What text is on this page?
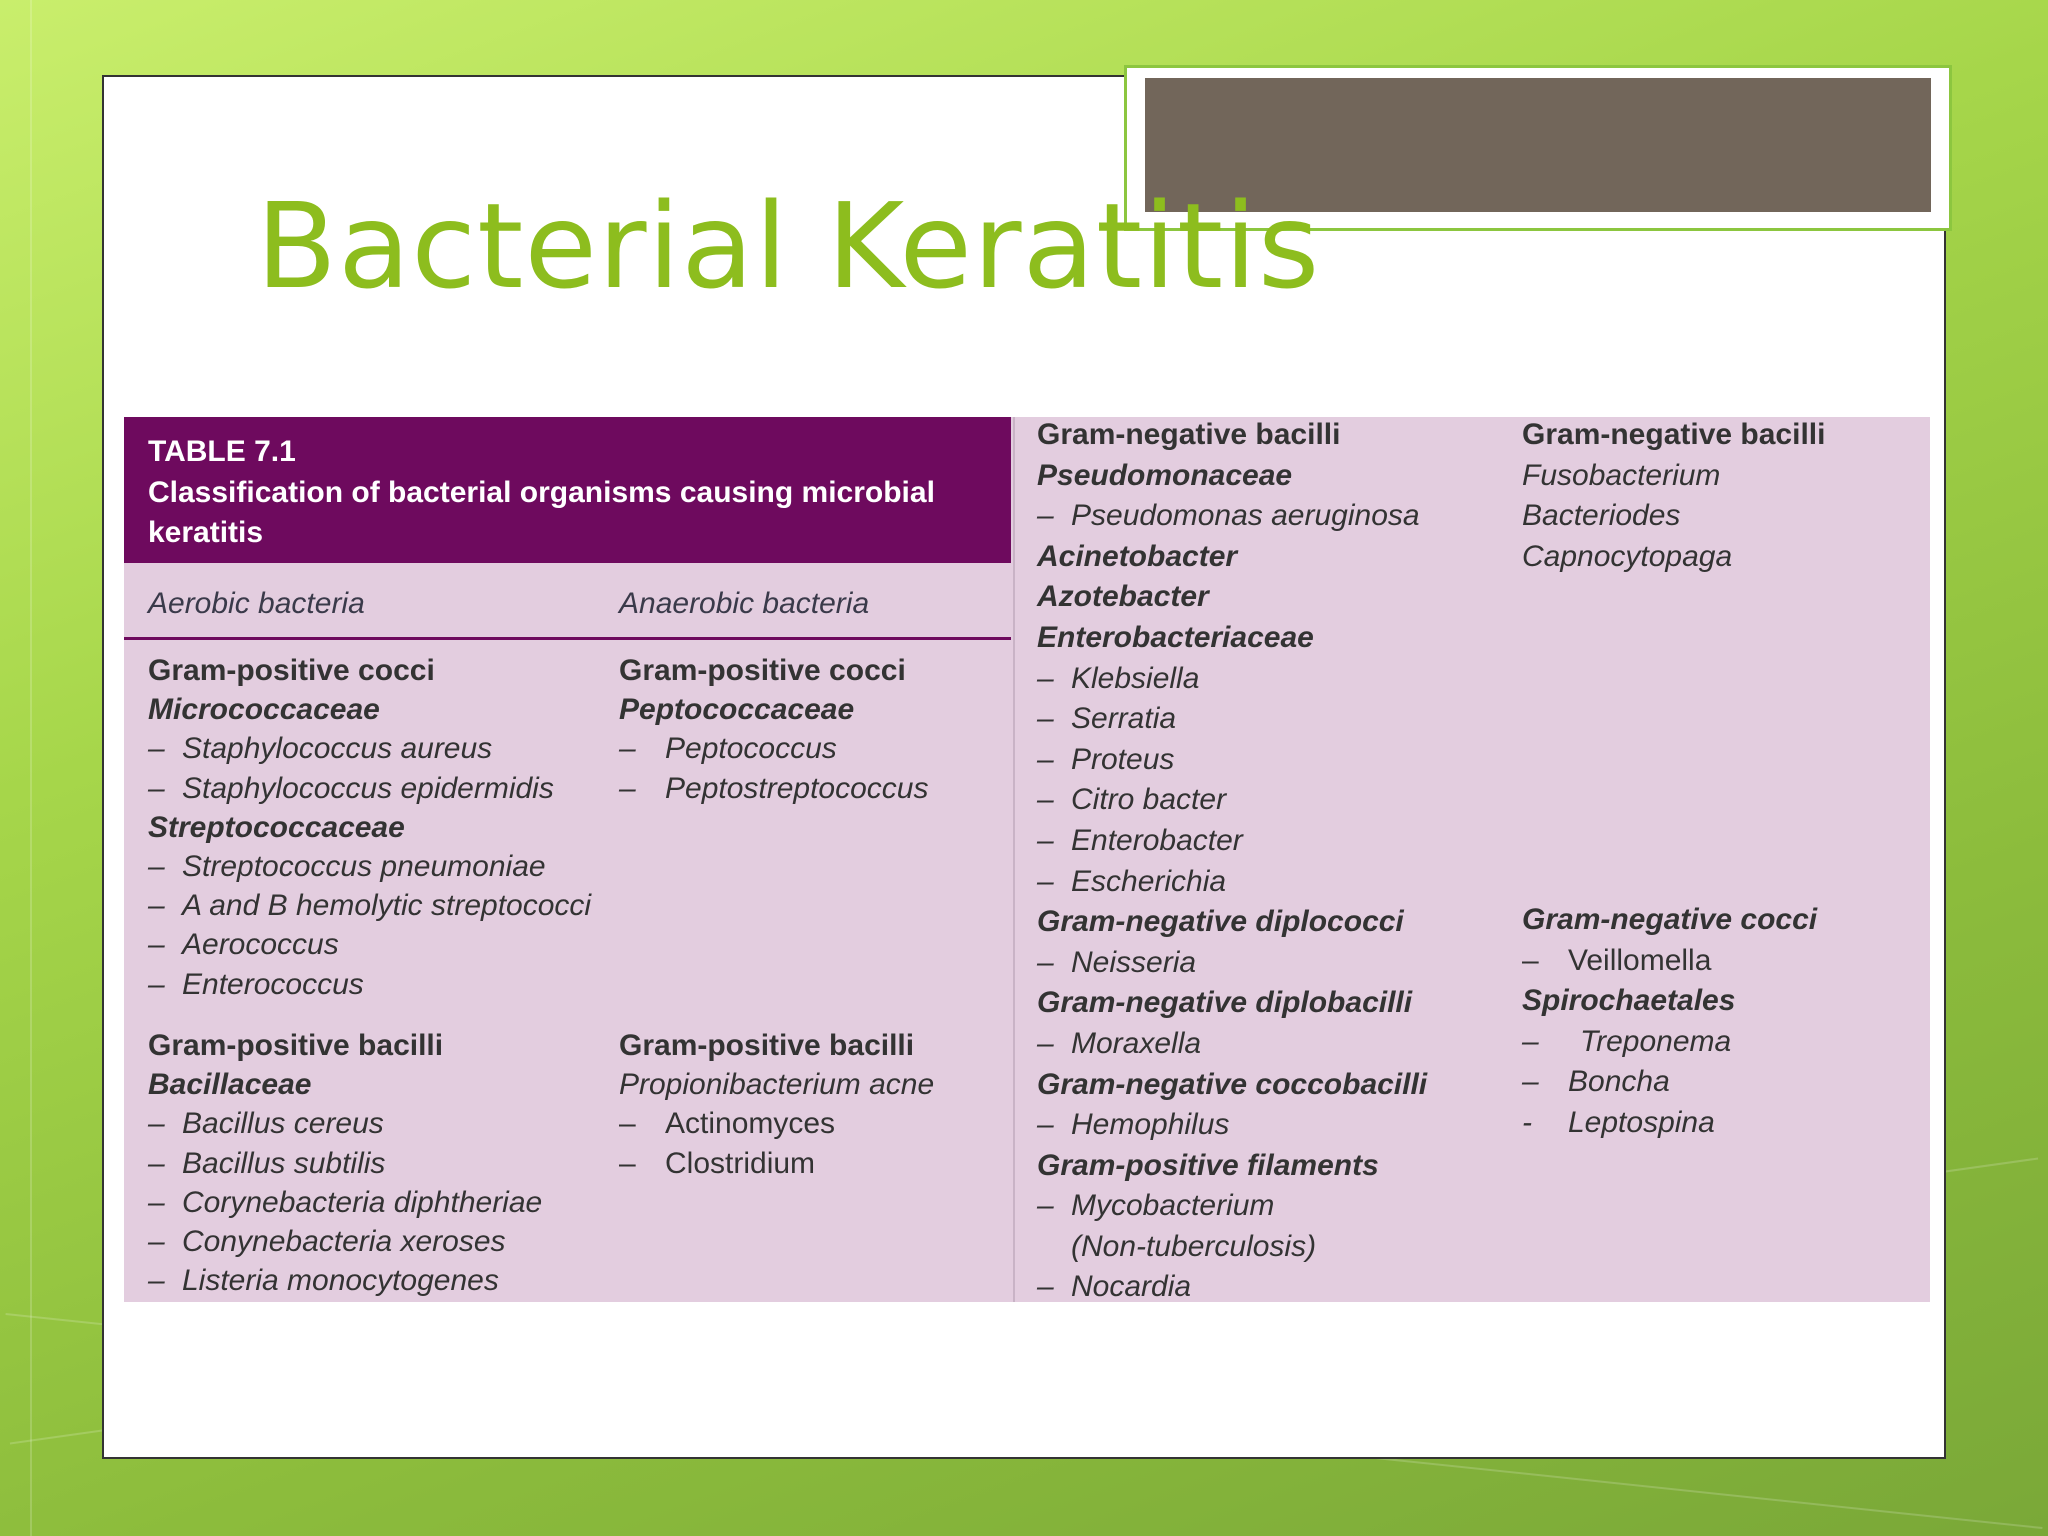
Bacterial Keratitis
TABLE 7.1
Classification of bacterial organisms causing microbial keratitis
Aerobic bacteria	Anaerobic bacteria
Gram-positive cocci
Micrococcaceae
– Staphylococcus aureus
– Staphylococcus epidermidis
Streptococcaceae
– Streptococcus pneumoniae
– A and B hemolytic streptococci
– Aerococcus
– Enterococcus
Gram-positive cocci
Peptococcaceae
– Peptococcus
– Peptostreptococcus
Gram-positive bacilli
Bacillaceae
– Bacillus cereus
– Bacillus subtilis
– Corynebacteria diphtheriae
– Conynebacteria xeroses
– Listeria monocytogenes
Gram-positive bacilli
Propionibacterium acne
– Actinomyces
– Clostridium
Gram-negative bacilli
Pseudomonaceae
– Pseudomonas aeruginosa
Acinetobacter
Azotebacter
Enterobacteriaceae
– Klebsiella
– Serratia
– Proteus
– Citro bacter
– Enterobacter
– Escherichia
Gram-negative diplococci
– Neisseria
Gram-negative diplobacilli
– Moraxella
Gram-negative coccobacilli
– Hemophilus
Gram-positive filaments
– Mycobacterium
(Non-tuberculosis)
– Nocardia
Gram-negative bacilli
Fusobacterium
Bacteriodes
Capnocytopaga
Gram-negative cocci
– Veillomella
Spirochaetales
– Treponema
– Boncha
- Leptospina
